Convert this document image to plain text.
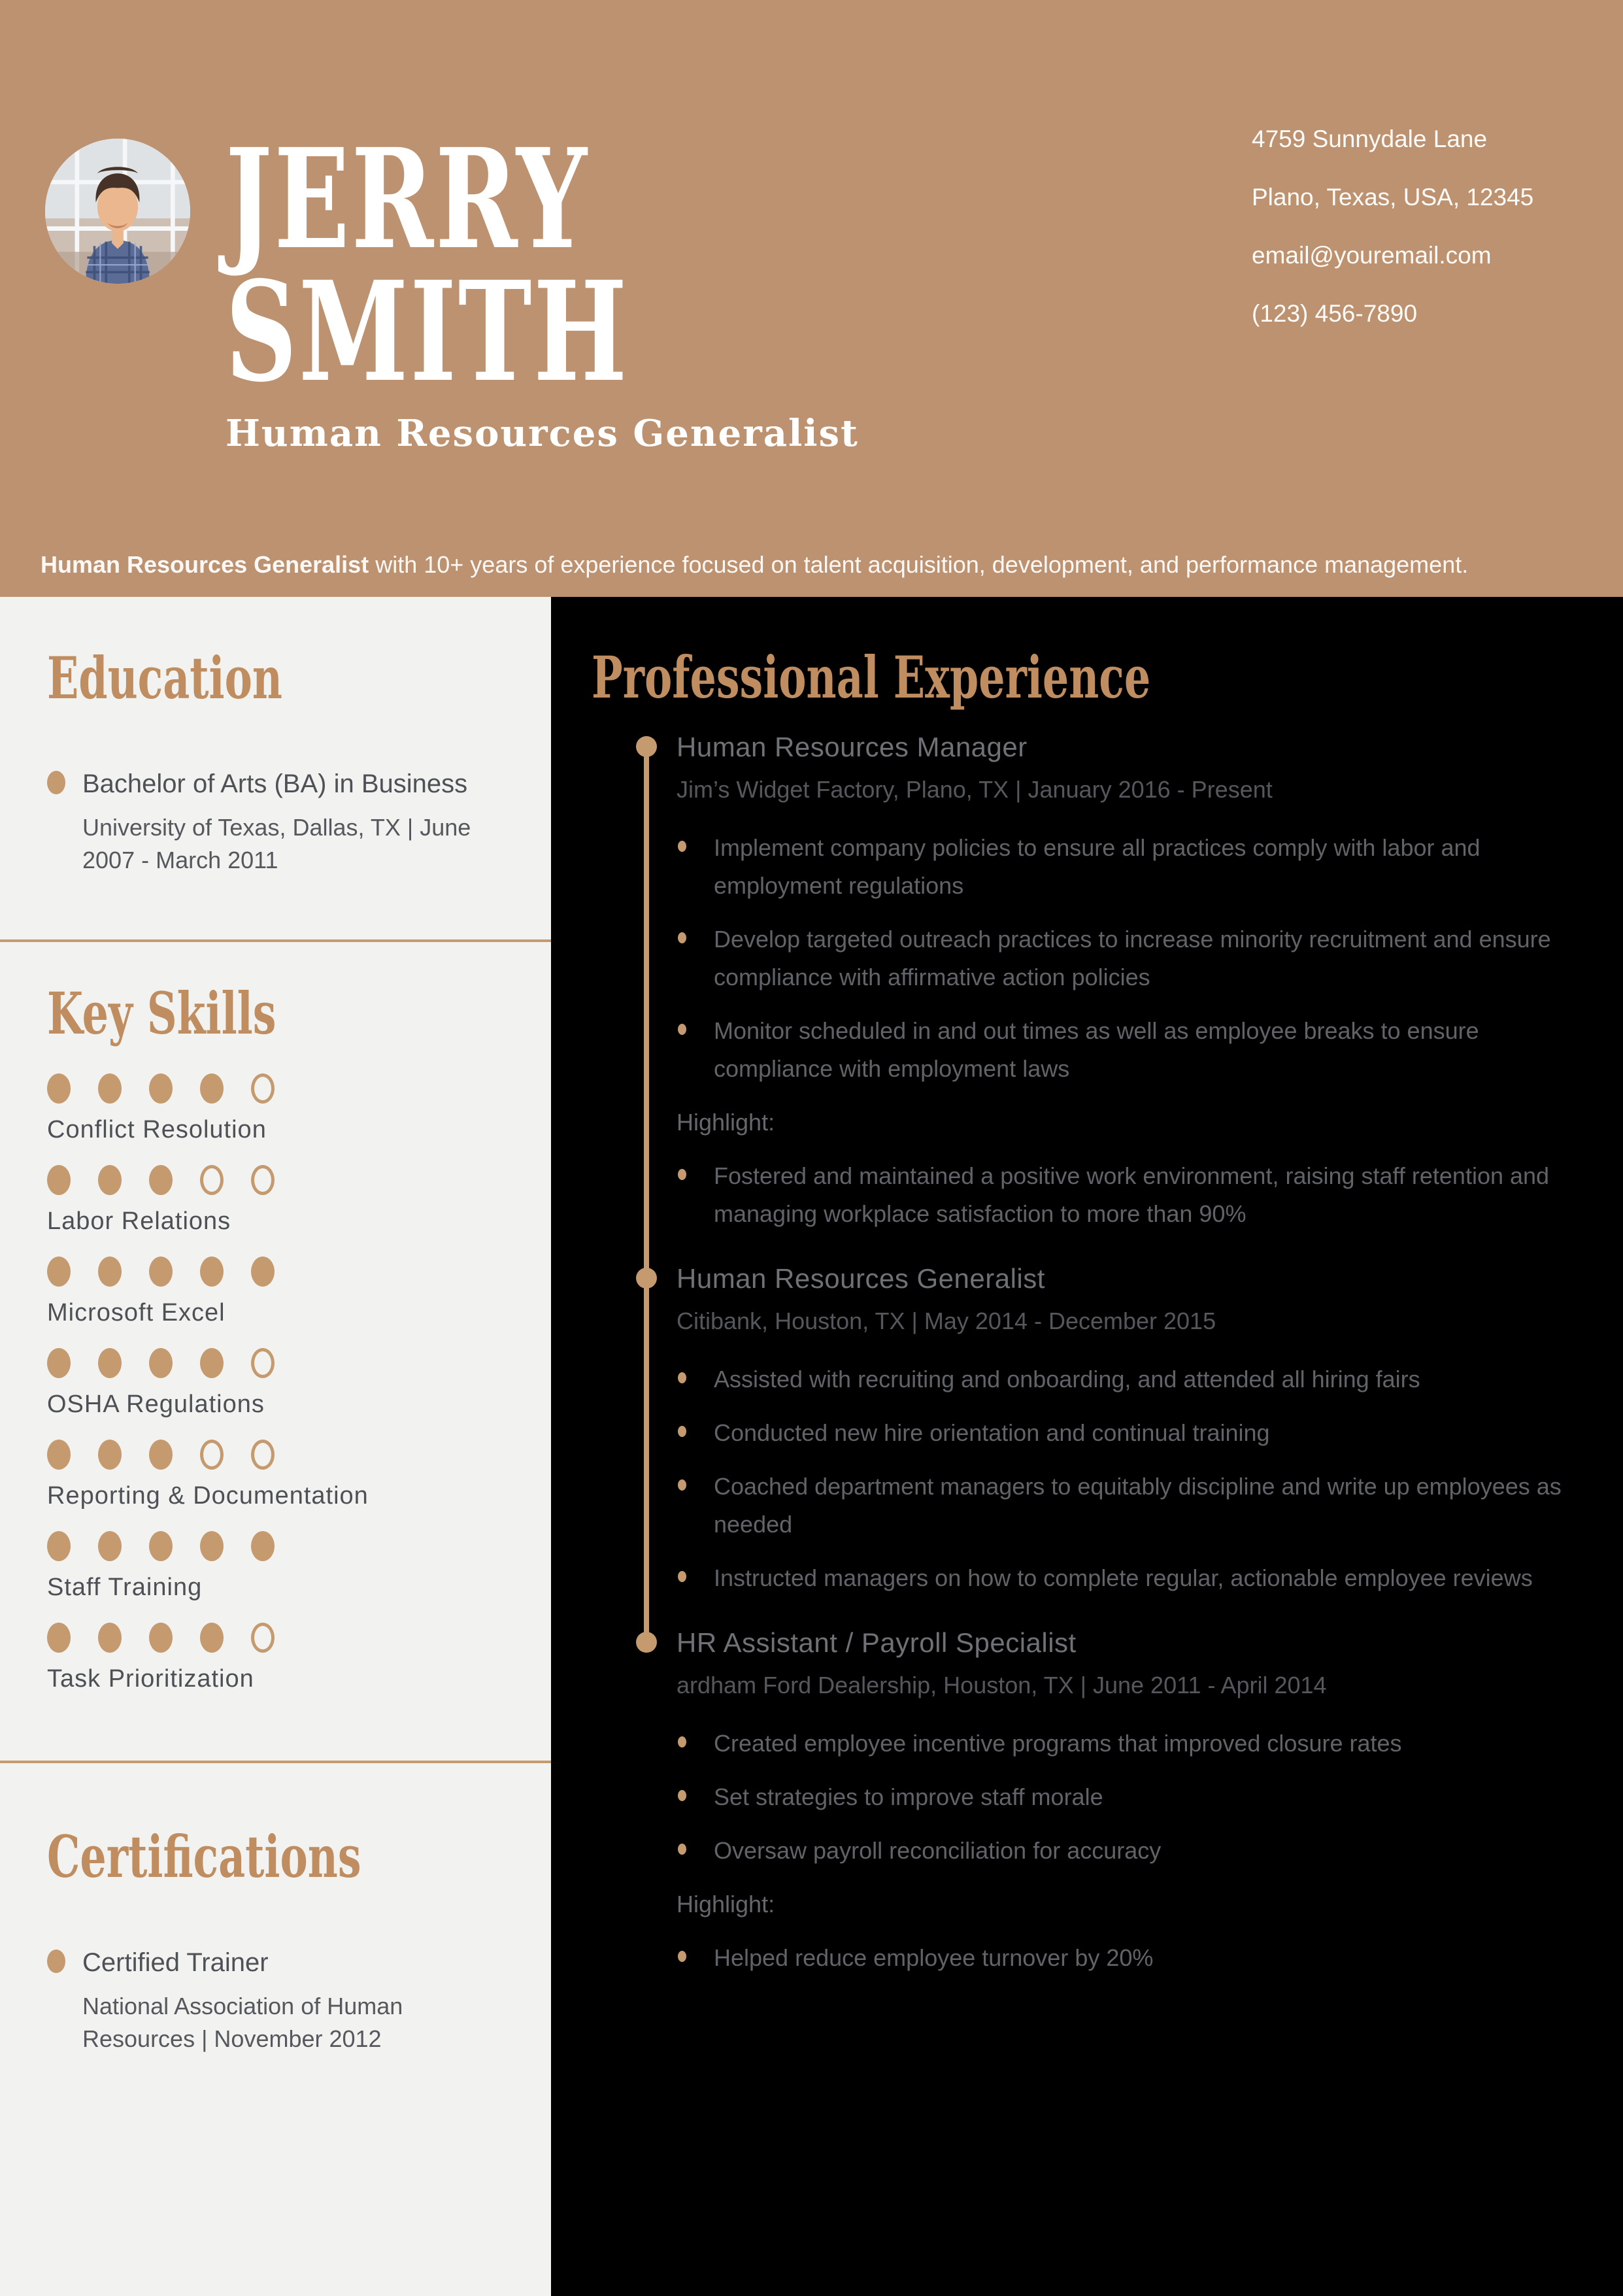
JERRY
SMITH
Human Resources Generalist
4759 Sunnydale Lane
Plano, Texas, USA, 12345
email@youremail.com
(123) 456-7890
Human Resources Generalist with 10+ years of experience focused on talent acquisition, development, and performance management.
Education
Bachelor of Arts (BA) in Business
University of Texas, Dallas, TX | June 2007 - March 2011
Key Skills
Conflict Resolution
Labor Relations
Microsoft Excel
OSHA Regulations
Reporting & Documentation
Staff Training
Task Prioritization
Certifications
Certified Trainer
National Association of Human Resources | November 2012
Professional Experience
Human Resources Manager
Jim’s Widget Factory, Plano, TX | January 2016 - Present
Implement company policies to ensure all practices comply with labor and employment regulations
Develop targeted outreach practices to increase minority recruitment and ensure compliance with affirmative action policies
Monitor scheduled in and out times as well as employee breaks to ensure compliance with employment laws
Highlight:
Fostered and maintained a positive work environment, raising staff retention and managing workplace satisfaction to more than 90%
Human Resources Generalist
Citibank, Houston, TX | May 2014 - December 2015
Assisted with recruiting and onboarding, and attended all hiring fairs
Conducted new hire orientation and continual training
Coached department managers to equitably discipline and write up employees as needed
Instructed managers on how to complete regular, actionable employee reviews
HR Assistant / Payroll Specialist
ardham Ford Dealership, Houston, TX | June 2011 - April 2014
Created employee incentive programs that improved closure rates
Set strategies to improve staff morale
Oversaw payroll reconciliation for accuracy
Highlight:
Helped reduce employee turnover by 20%
